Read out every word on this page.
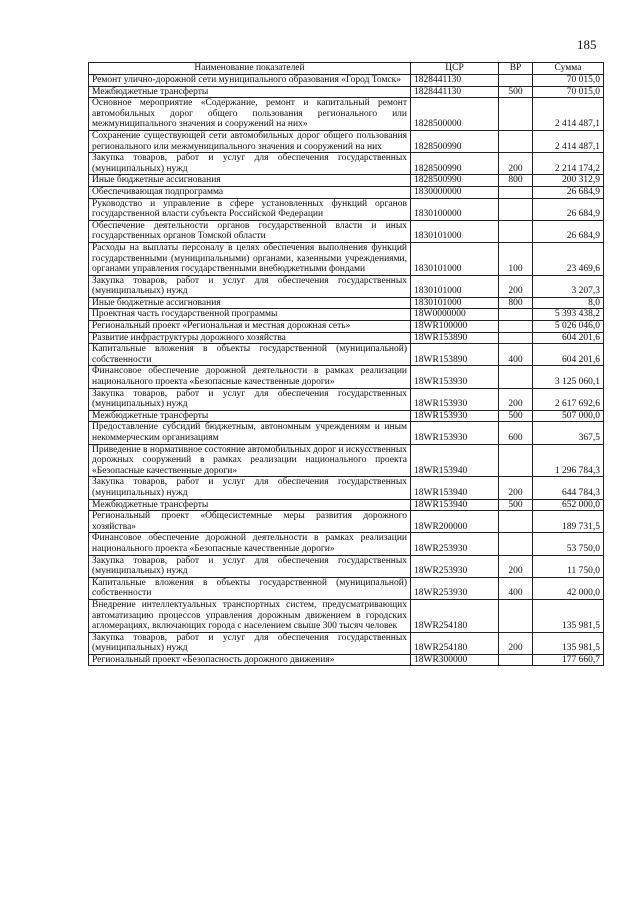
185
Наименование показателей	ЦСР	ВР	Сумма
Ремонт улично-дорожной сети муниципального образования «Город Томск»	1828441130		70 015,0
Межбюджетные трансферты	1828441130	500	70 015,0
Основное мероприятие «Содержание, ремонт и капитальный ремонт автомобильных дорог общего пользования регионального или межмуниципального значения и сооружений на них»	1828500000		2 414 487,1
Сохранение существующей сети автомобильных дорог общего пользования регионального или межмуниципального значения и сооружений на них	1828500990		2 414 487,1
Закупка товаров, работ и услуг для обеспечения государственных (муниципальных) нужд	1828500990	200	2 214 174,2
Иные бюджетные ассигнования	1828500990	800	200 312,9
Обеспечивающая подпрограмма	1830000000		26 684,9
Руководство и управление в сфере установленных функций органов государственной власти субъекта Российской Федерации	1830100000		26 684,9
Обеспечение деятельности органов государственной власти и иных государственных органов Томской области	1830101000		26 684,9
Расходы на выплаты персоналу в целях обеспечения выполнения функций государственными (муниципальными) органами, казенными учреждениями, органами управления государственными внебюджетными фондами	1830101000	100	23 469,6
Закупка товаров, работ и услуг для обеспечения государственных (муниципальных) нужд	1830101000	200	3 207,3
Иные бюджетные ассигнования	1830101000	800	8,0
Проектная часть государственной программы	18W0000000		5 393 438,2
Региональный проект «Региональная и местная дорожная сеть»	18WR100000		5 026 046,0
Развитие инфраструктуры дорожного хозяйства	18WR153890		604 201,6
Капитальные вложения в объекты государственной (муниципальной) собственности	18WR153890	400	604 201,6
Финансовое обеспечение дорожной деятельности в рамках реализации национального проекта «Безопасные качественные дороги»	18WR153930		3 125 060,1
Закупка товаров, работ и услуг для обеспечения государственных (муниципальных) нужд	18WR153930	200	2 617 692,6
Межбюджетные трансферты	18WR153930	500	507 000,0
Предоставление субсидий бюджетным, автономным учреждениям и иным некоммерческим организациям	18WR153930	600	367,5
Приведение в нормативное состояние автомобильных дорог и искусственных дорожных сооружений в рамках реализации национального проекта «Безопасные качественные дороги»	18WR153940		1 296 784,3
Закупка товаров, работ и услуг для обеспечения государственных (муниципальных) нужд	18WR153940	200	644 784,3
Межбюджетные трансферты	18WR153940	500	652 000,0
Региональный проект «Общесистемные меры развития дорожного хозяйства»	18WR200000		189 731,5
Финансовое обеспечение дорожной деятельности в рамках реализации национального проекта «Безопасные качественные дороги»	18WR253930		53 750,0
Закупка товаров, работ и услуг для обеспечения государственных (муниципальных) нужд	18WR253930	200	11 750,0
Капитальные вложения в объекты государственной (муниципальной) собственности	18WR253930	400	42 000,0
Внедрение интеллектуальных транспортных систем, предусматривающих автоматизацию процессов управления дорожным движением в городских агломерациях, включающих города с населением свыше 300 тысяч человек	18WR254180		135 981,5
Закупка товаров, работ и услуг для обеспечения государственных (муниципальных) нужд	18WR254180	200	135 981,5
Региональный проект «Безопасность дорожного движения»	18WR300000		177 660,7
